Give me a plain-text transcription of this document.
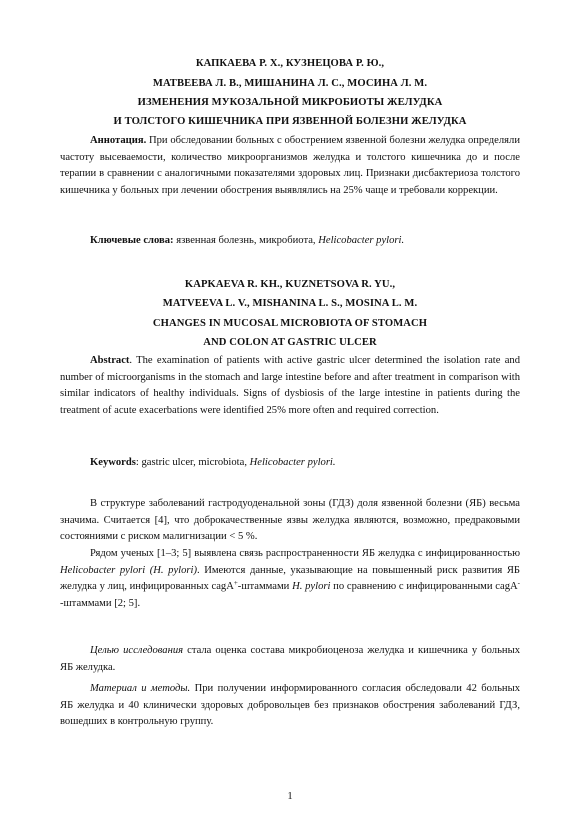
КАПКАЕВА Р. Х., КУЗНЕЦОВА Р. Ю.,
МАТВЕЕВА Л. В., МИШАНИНА Л. С., МОСИНА Л. М.
ИЗМЕНЕНИЯ МУКОЗАЛЬНОЙ МИКРОБИОТЫ ЖЕЛУДКА
И ТОЛСТОГО КИШЕЧНИКА ПРИ ЯЗВЕННОЙ БОЛЕЗНИ ЖЕЛУДКА

Аннотация. При обследовании больных с обострением язвенной болезни желудка определяли частоту высеваемости, количество микроорганизмов желудка и толстого кишечника до и после терапии в сравнении с аналогичными показателями здоровых лиц. Признаки дисбактериоза толстого кишечника у больных при лечении обострения выявлялись на 25% чаще и требовали коррекции.

Ключевые слова: язвенная болезнь, микробиота, Helicobacter pylori.

KAPKAEVA R. KH., KUZNETSOVA R. YU.,
MATVEEVA L. V., MISHANINA L. S., MOSINA L. M.
CHANGES IN MUCOSAL MICROBIOTA OF STOMACH
AND COLON AT GASTRIC ULCER

Abstract. The examination of patients with active gastric ulcer determined the isolation rate and number of microorganisms in the stomach and large intestine before and after treatment in comparison with similar indicators of healthy individuals. Signs of dysbiosis of the large intestine in patients during the treatment of acute exacerbations were identified 25% more often and required correction.

Keywords: gastric ulcer, microbiota, Helicobacter pylori.

В структуре заболеваний гастродуоденальной зоны (ГДЗ) доля язвенной болезни (ЯБ) весьма значима. Считается [4], что доброкачественные язвы желудка являются, возможно, предраковыми состояниями с риском малигнизации < 5 %.

Рядом ученых [1–3; 5] выявлена связь распространенности ЯБ желудка с инфицированностью Helicobacter pylori (H. pylori). Имеются данные, указывающие на повышенный риск развития ЯБ желудка у лиц, инфицированных cagA+-штаммами H. pylori по сравнению с инфицированными cagA--штаммами [2; 5].

Целью исследования стала оценка состава микробиоценоза желудка и кишечника у больных ЯБ желудка.

Материал и методы. При получении информированного согласия обследовали 42 больных ЯБ желудка и 40 клинически здоровых добровольцев без признаков обострения заболеваний ГДЗ, вошедших в контрольную группу.

1
